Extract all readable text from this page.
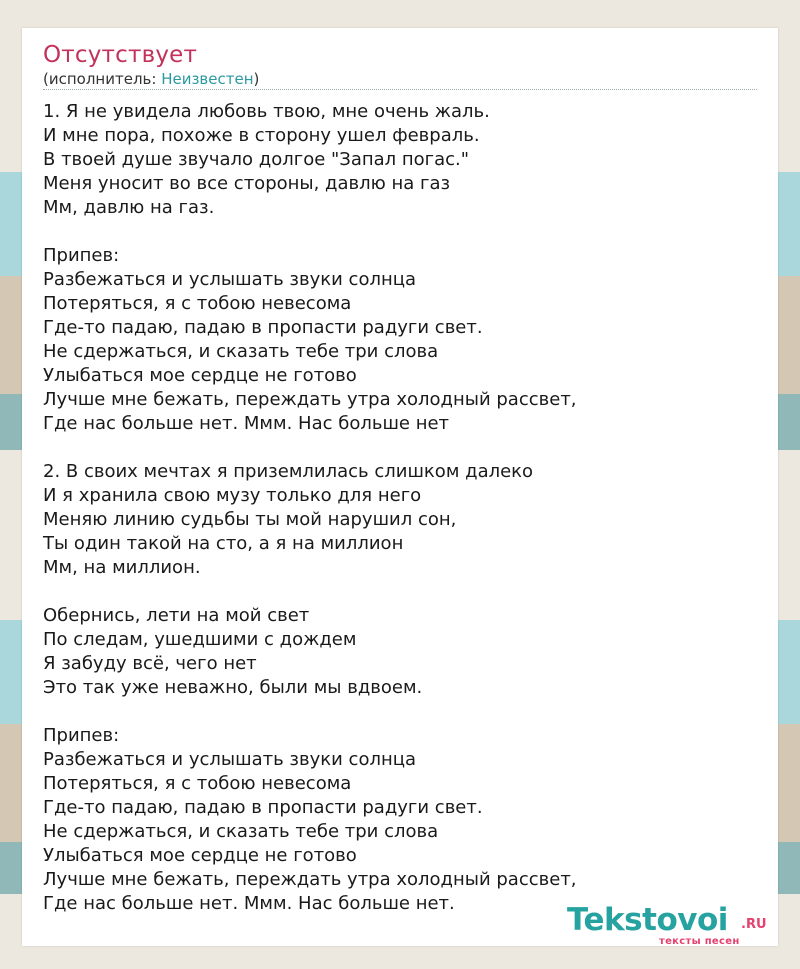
Отсутствует
(исполнитель: Неизвестен)
1. Я не увидела любовь твою, мне очень жаль.
И мне пора, похоже в сторону ушел февраль.
В твоей душе звучало долгое "Запал погас."
Меня уносит во все стороны, давлю на газ
Мм, давлю на газ.

Припев:
Разбежаться и услышать звуки солнца
Потеряться, я с тобою невесома
Где-то падаю, падаю в пропасти радуги свет.
Не сдержаться, и сказать тебе три слова
Улыбаться мое сердце не готово
Лучше мне бежать, переждать утра холодный рассвет,
Где нас больше нет. Ммм. Нас больше нет

2. В своих мечтах я приземлилась слишком далеко
И я хранила свою музу только для него
Меняю линию судьбы ты мой нарушил сон,
Ты один такой на сто, а я на миллион
Мм, на миллион.

Обернись, лети на мой свет
По следам, ушедшими с дождем
Я забуду всё, чего нет
Это так уже неважно, были мы вдвоем.

Припев:
Разбежаться и услышать звуки солнца
Потеряться, я с тобою невесома
Где-то падаю, падаю в пропасти радуги свет.
Не сдержаться, и сказать тебе три слова
Улыбаться мое сердце не готово
Лучше мне бежать, переждать утра холодный рассвет,
Где нас больше нет. Ммм. Нас больше нет.	Tekstovoi .RU
тексты песен
